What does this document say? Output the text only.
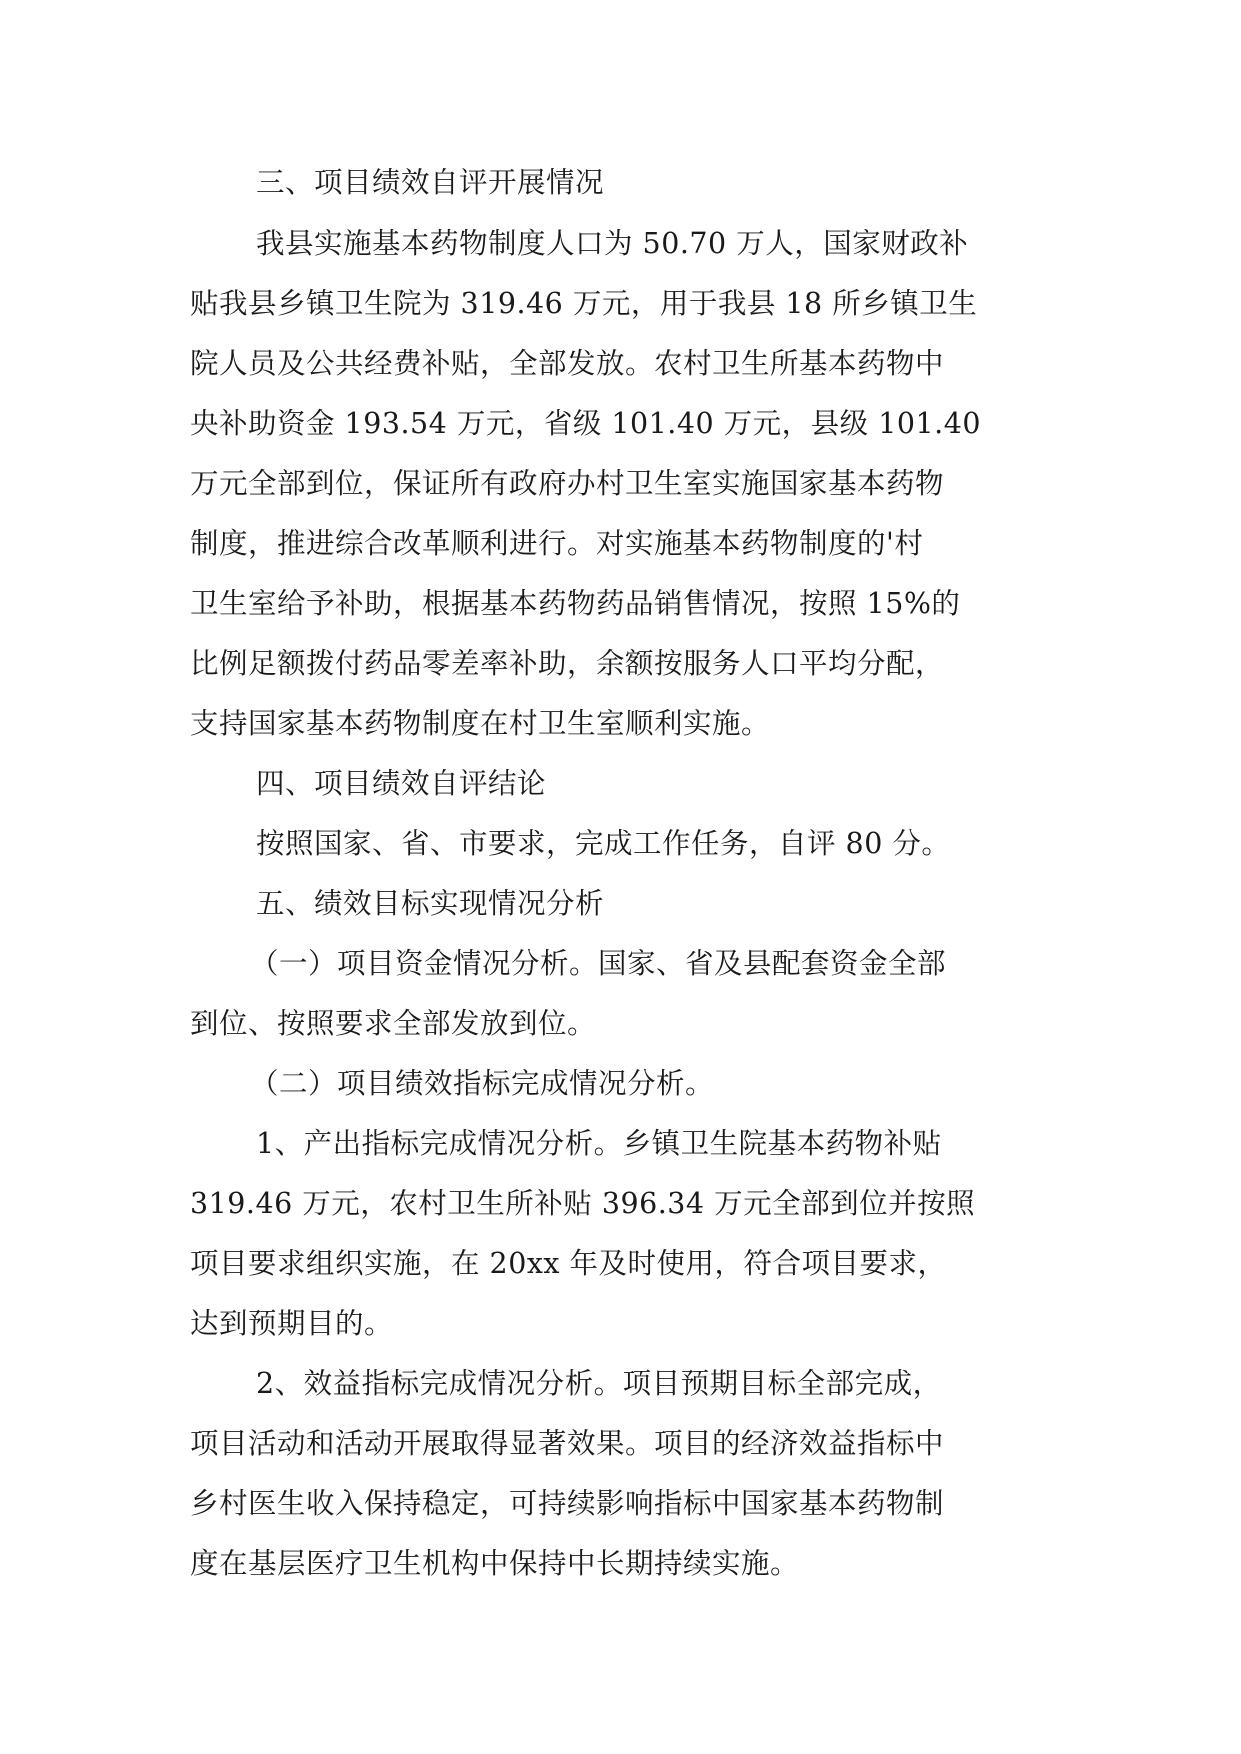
三、项目绩效自评开展情况
我县实施基本药物制度人口为 50.70 万人，国家财政补
贴我县乡镇卫生院为 319.46 万元，用于我县 18 所乡镇卫生
院人员及公共经费补贴，全部发放。农村卫生所基本药物中
央补助资金 193.54 万元，省级 101.40 万元，县级 101.40
万元全部到位，保证所有政府办村卫生室实施国家基本药物
制度，推进综合改革顺利进行。对实施基本药物制度的'村
卫生室给予补助，根据基本药物药品销售情况，按照 15%的
比例足额拨付药品零差率补助，余额按服务人口平均分配，
支持国家基本药物制度在村卫生室顺利实施。
四、项目绩效自评结论
按照国家、省、市要求，完成工作任务，自评 80 分。
五、绩效目标实现情况分析
（一）项目资金情况分析。国家、省及县配套资金全部
到位、按照要求全部发放到位。
（二）项目绩效指标完成情况分析。
1、产出指标完成情况分析。乡镇卫生院基本药物补贴
319.46 万元，农村卫生所补贴 396.34 万元全部到位并按照
项目要求组织实施，在 20xx 年及时使用，符合项目要求，
达到预期目的。
2、效益指标完成情况分析。项目预期目标全部完成，
项目活动和活动开展取得显著效果。项目的经济效益指标中
乡村医生收入保持稳定，可持续影响指标中国家基本药物制
度在基层医疗卫生机构中保持中长期持续实施。
